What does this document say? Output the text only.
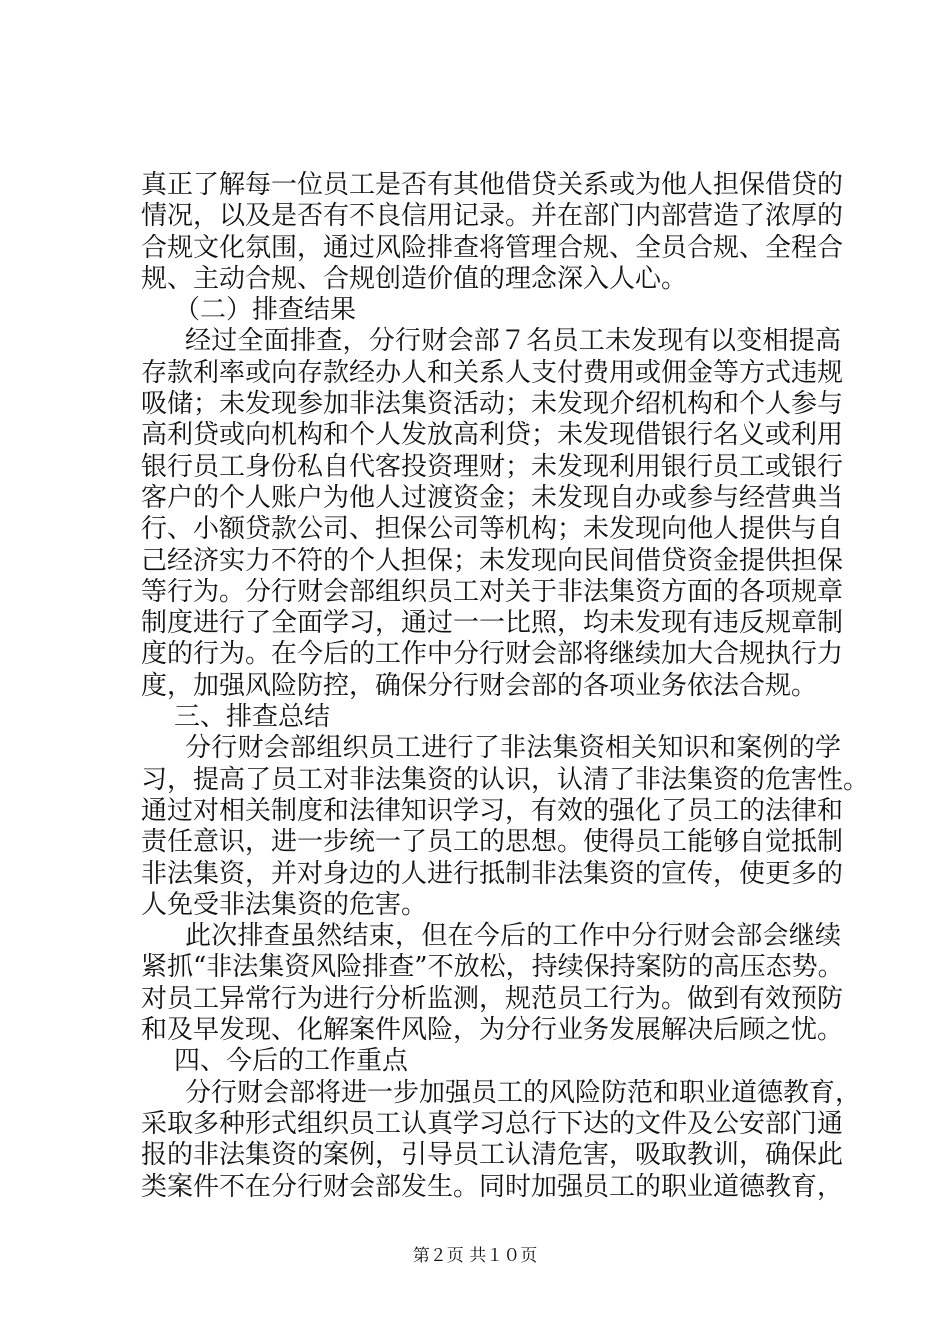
真正了解每一位员工是否有其他借贷关系或为他人担保借贷的
情况，以及是否有不良信用记录。并在部门内部营造了浓厚的
合规文化氛围，通过风险排查将管理合规、全员合规、全程合
规、主动合规、合规创造价值的理念深入人心。
（二）排查结果
经过全面排查，分行财会部７名员工未发现有以变相提高
存款利率或向存款经办人和关系人支付费用或佣金等方式违规
吸储；未发现参加非法集资活动；未发现介绍机构和个人参与
高利贷或向机构和个人发放高利贷；未发现借银行名义或利用
银行员工身份私自代客投资理财；未发现利用银行员工或银行
客户的个人账户为他人过渡资金；未发现自办或参与经营典当
行、小额贷款公司、担保公司等机构；未发现向他人提供与自
己经济实力不符的个人担保；未发现向民间借贷资金提供担保
等行为。分行财会部组织员工对关于非法集资方面的各项规章
制度进行了全面学习，通过一一比照，均未发现有违反规章制
度的行为。在今后的工作中分行财会部将继续加大合规执行力
度，加强风险防控，确保分行财会部的各项业务依法合规。
三、排查总结
分行财会部组织员工进行了非法集资相关知识和案例的学
习，提高了员工对非法集资的认识，认清了非法集资的危害性。
通过对相关制度和法律知识学习，有效的强化了员工的法律和
责任意识，进一步统一了员工的思想。使得员工能够自觉抵制
非法集资，并对身边的人进行抵制非法集资的宣传，使更多的
人免受非法集资的危害。
此次排查虽然结束，但在今后的工作中分行财会部会继续
紧抓“非法集资风险排查”不放松，持续保持案防的高压态势。
对员工异常行为进行分析监测，规范员工行为。做到有效预防
和及早发现、化解案件风险，为分行业务发展解决后顾之忧。
四、今后的工作重点
分行财会部将进一步加强员工的风险防范和职业道德教育，
采取多种形式组织员工认真学习总行下达的文件及公安部门通
报的非法集资的案例，引导员工认清危害，吸取教训，确保此
类案件不在分行财会部发生。同时加强员工的职业道德教育，
第２页 共１０页
